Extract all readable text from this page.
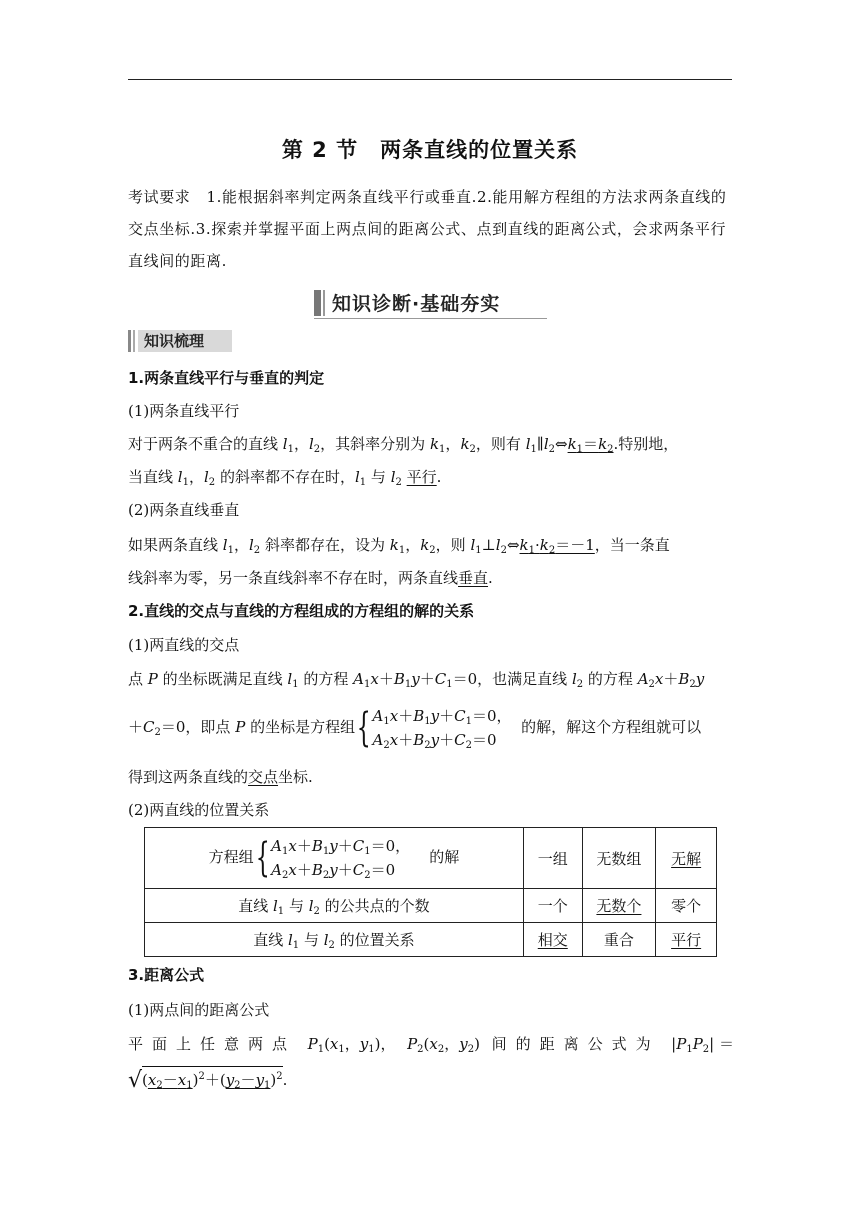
第 2 节　两条直线的位置关系

考试要求 1.能根据斜率判定两条直线平行或垂直.2.能用解方程组的方法求两条直线的交点坐标.3.探索并掌握平面上两点间的距离公式、点到直线的距离公式，会求两条平行直线间的距离.

知识诊断·基础夯实
知识梳理
1.两条直线平行与垂直的判定
(1)两条直线平行
对于两条不重合的直线 $l_1$，$l_2$，其斜率分别为 $k_1$，$k_2$，则有 $l_1\parallel l_2\Leftrightarrow k_1=k_2$.特别地，
当直线 $l_1$，$l_2$ 的斜率都不存在时，$l_1$ 与 $l_2$ 平行.
(2)两条直线垂直
如果两条直线 $l_1$，$l_2$ 斜率都存在，设为 $k_1$，$k_2$，则 $l_1\perp l_2\Leftrightarrow k_1\cdot k_2=-1$，当一条直
线斜率为零，另一条直线斜率不存在时，两条直线垂直.
2.直线的交点与直线的方程组成的方程组的解的关系
(1)两直线的交点
点 P 的坐标既满足直线 $l_1$ 的方程 $A_1x+B_1y+C_1=0$，也满足直线 $l_2$ 的方程 $A_2x+B_2y$
$+C_2=0$，即点 P 的坐标是方程组 { $A_1x+B_1y+C_1=0$，
$A_2x+B_2y+C_2=0$
的解，解这个方程组就可以
得到这两条直线的交点坐标.
(2)两直线的位置关系
方程组 { $A_1x+B_1y+C_1=0$，
$A_2x+B_2y+C_2=0$
的解	一组	无数组	无解
直线 $l_1$ 与 $l_2$ 的公共点的个数	一个	无数个	零个
直线 $l_1$ 与 $l_2$ 的位置关系	相交	重合	平行
3.距离公式
(1)两点间的距离公式
平面上任意两点 $P_1(x_1$，$y_1$)， $P_2(x_2$，$y_2$) 间的距离公式为 $|P_1P_2|$ ＝
$√(x_2-x_1)^2+(y_2-y_1)^2$.
